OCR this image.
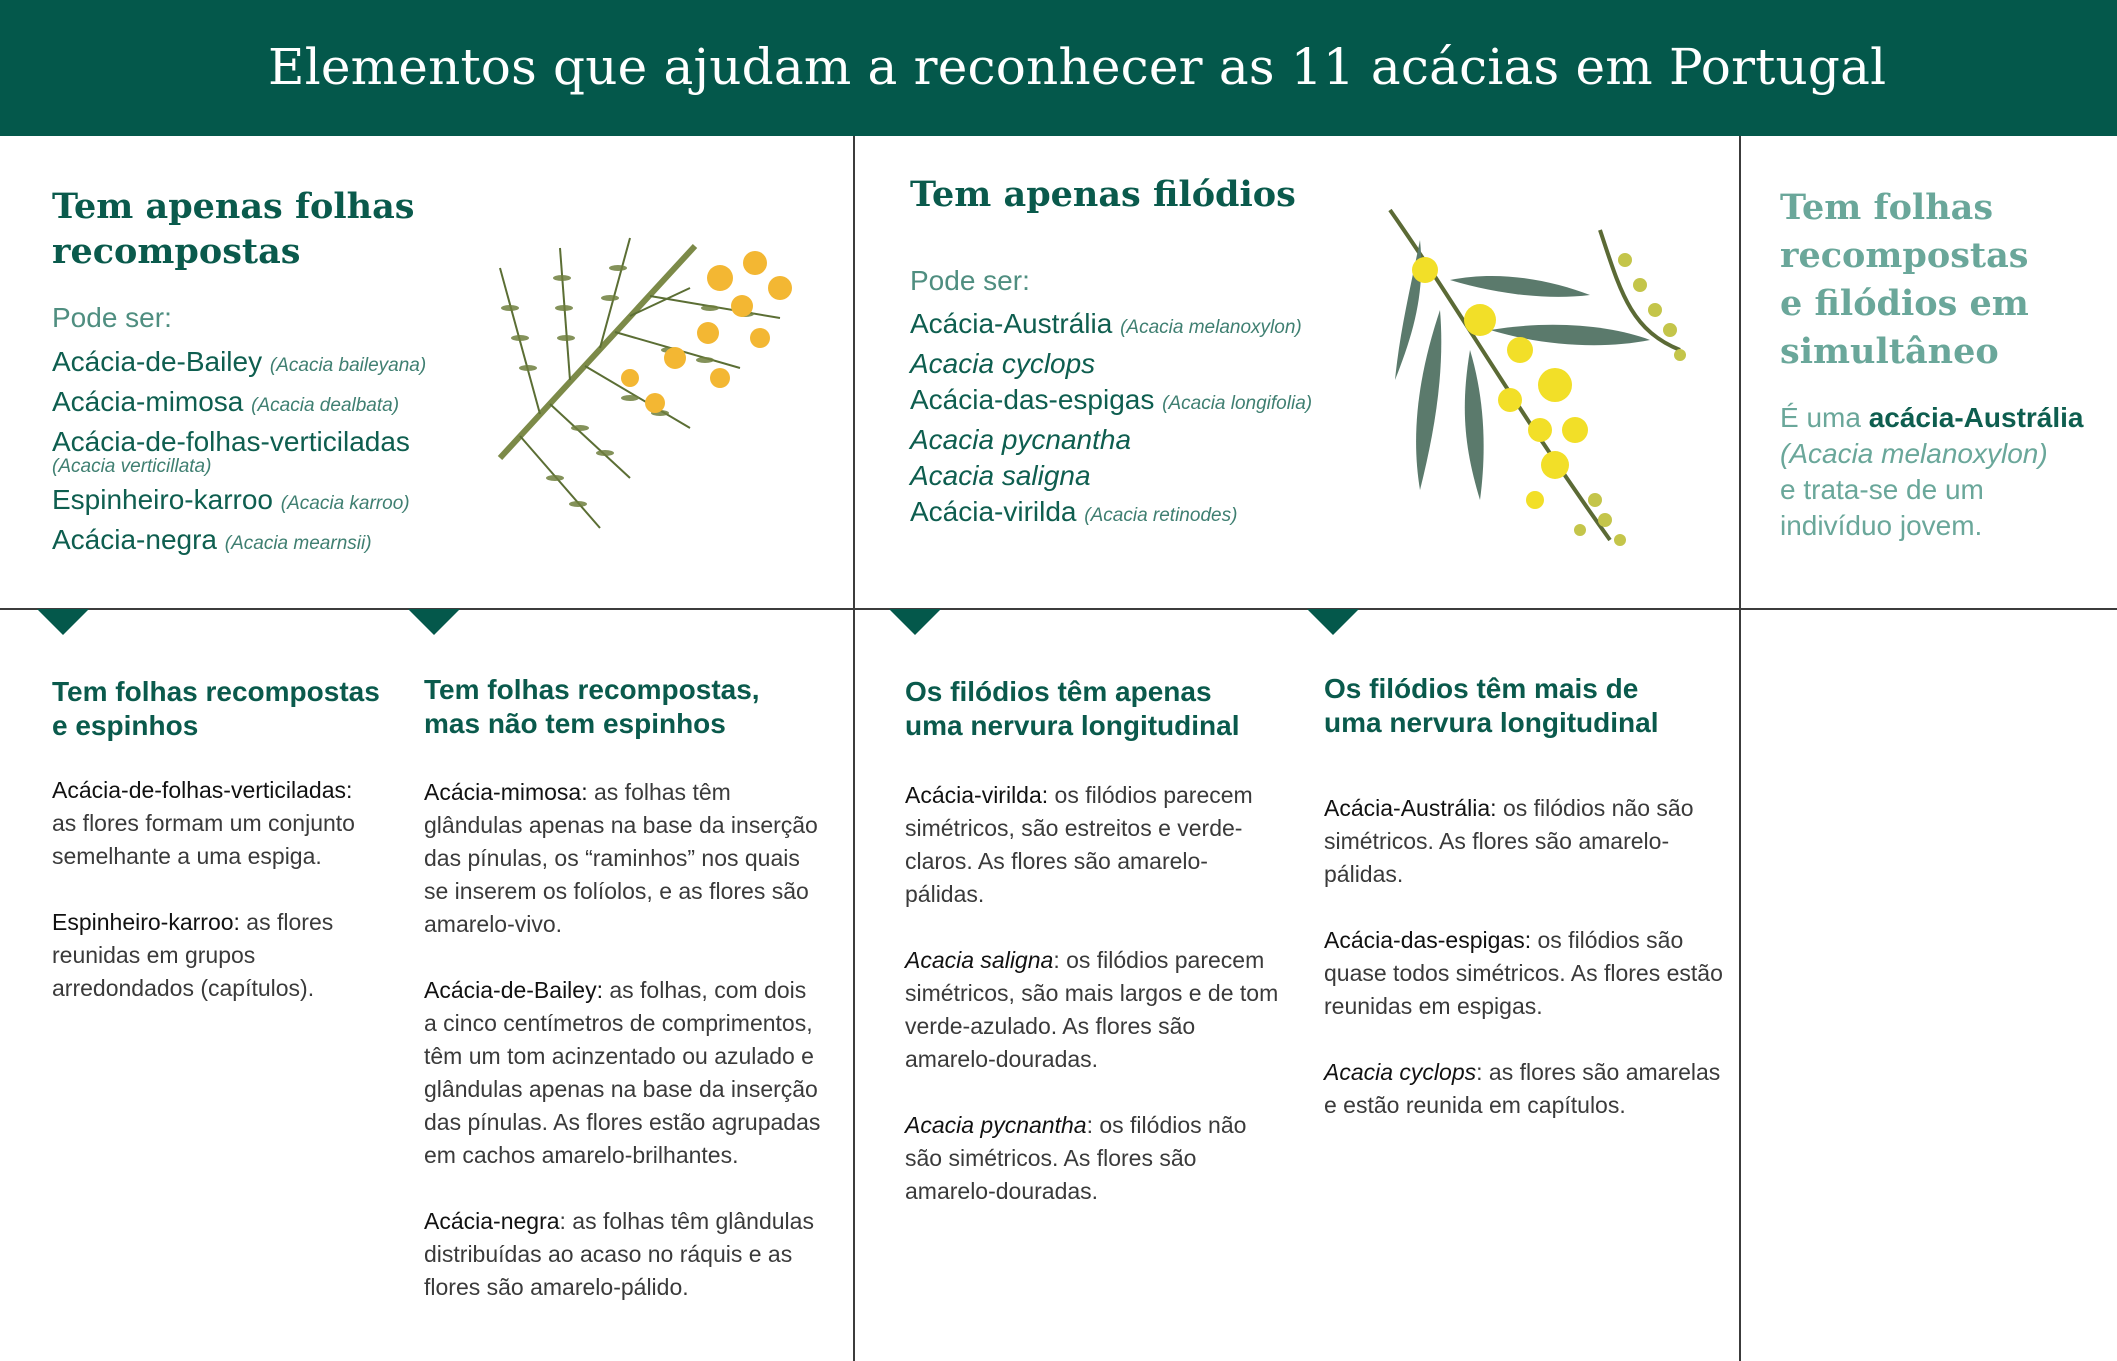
Elementos que ajudam a reconhecer as 11 acácias em Portugal
Tem apenas folhas
recompostas
Pode ser:
Acácia-de-Bailey (Acacia baileyana)
Acácia-mimosa (Acacia dealbata)
Acácia-de-folhas-verticiladas
(Acacia verticillata)
Espinheiro-karroo (Acacia karroo)
Acácia-negra (Acacia mearnsii)
Tem apenas filódios
Pode ser:
Acácia-Austrália (Acacia melanoxylon)
Acacia cyclops
Acácia-das-espigas (Acacia longifolia)
Acacia pycnantha
Acacia saligna
Acácia-virilda (Acacia retinodes)
Tem folhas
recompostas
e filódios em
simultâneo
É uma acácia-Austrália
(Acacia melanoxylon)
e trata-se de um
indivíduo jovem.
Tem folhas recompostas
e espinhos

Acácia-de-folhas-verticiladas: as flores formam um conjunto semelhante a uma espiga.

Espinheiro-karroo: as flores reunidas em grupos arredondados (capítulos).

Tem folhas recompostas,
mas não tem espinhos

Acácia-mimosa: as folhas têm glândulas apenas na base da inserção das pínulas, os “raminhos” nos quais se inserem os folíolos, e as flores são amarelo-vivo.

Acácia-de-Bailey: as folhas, com dois a cinco centímetros de comprimentos, têm um tom acinzentado ou azulado e glândulas apenas na base da inserção das pínulas. As flores estão agrupadas em cachos amarelo-brilhantes.

Acácia-negra: as folhas têm glândulas distribuídas ao acaso no ráquis e as flores são amarelo-pálido.

Os filódios têm apenas
uma nervura longitudinal

Acácia-virilda: os filódios parecem simétricos, são estreitos e verde-claros. As flores são amarelo-pálidas.

Acacia saligna: os filódios parecem simétricos, são mais largos e de tom verde-azulado. As flores são amarelo-douradas.

Acacia pycnantha: os filódios não são simétricos. As flores são amarelo-douradas.

Os filódios têm mais de
uma nervura longitudinal

Acácia-Austrália: os filódios não são simétricos. As flores são amarelo-pálidas.

Acácia-das-espigas: os filódios são quase todos simétricos. As flores estão reunidas em espigas.

Acacia cyclops: as flores são amarelas e estão reunida em capítulos.
